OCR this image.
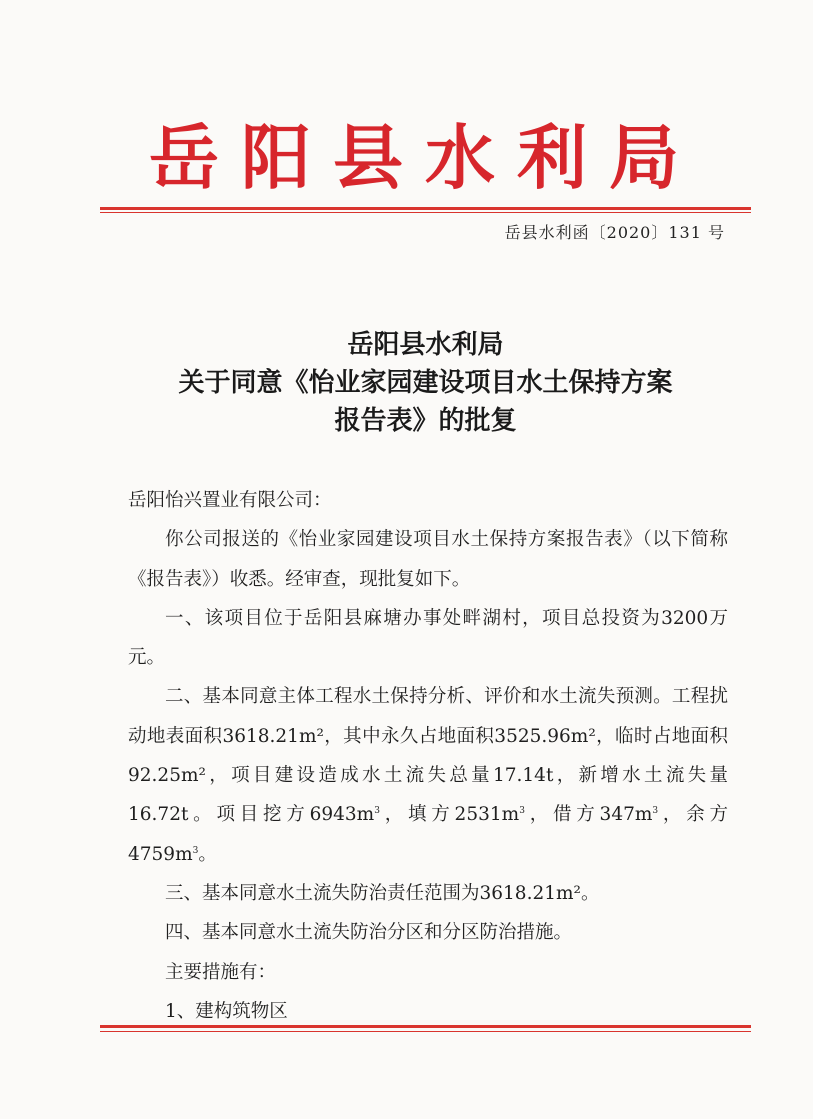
岳阳县水利局
岳县水利函〔2020〕131 号
岳阳县水利局
关于同意《怡业家园建设项目水土保持方案
报告表》的批复

岳阳怡兴置业有限公司：

你公司报送的《怡业家园建设项目水土保持方案报告表》（以下简称《报告表》）收悉。经审查，现批复如下。

一、该项目位于岳阳县麻塘办事处畔湖村，项目总投资为3200万元。

二、基本同意主体工程水土保持分析、评价和水土流失预测。工程扰动地表面积3618.21m²，其中永久占地面积3525.96m²，临时占地面积92.25m²，项目建设造成水土流失总量17.14t，新增水土流失量16.72t。项目挖方$6943m^3$，填方$2531m^3$，借方$347m^3$，余方$4759m^3$。

三、基本同意水土流失防治责任范围为3618.21m²。

四、基本同意水土流失防治分区和分区防治措施。

主要措施有：

1、建构筑物区
